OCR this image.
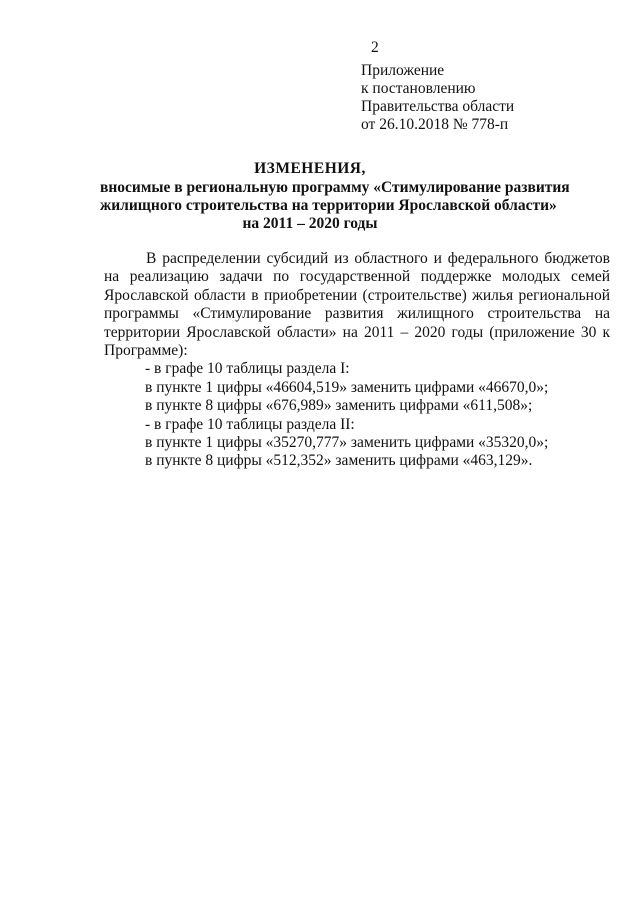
2
Приложение
к постановлению
Правительства области
от 26.10.2018 № 778-п
ИЗМЕНЕНИЯ,
вносимые в региональную программу «Стимулирование развития
жилищного строительства на территории Ярославской области»
на 2011 – 2020 годы
В распределении субсидий из областного и федерального бюджетов на реализацию задачи по государственной поддержке молодых семей Ярославской области в приобретении (строительстве) жилья региональной программы «Стимулирование развития жилищного строительства на территории Ярославской области» на 2011 – 2020 годы (приложение 30 к Программе):
- в графе 10 таблицы раздела I:
в пункте 1 цифры «46604,519» заменить цифрами «46670,0»;
в пункте 8 цифры «676,989» заменить цифрами «611,508»;
- в графе 10 таблицы раздела II:
в пункте 1 цифры «35270,777» заменить цифрами «35320,0»;
в пункте 8 цифры «512,352» заменить цифрами «463,129».
